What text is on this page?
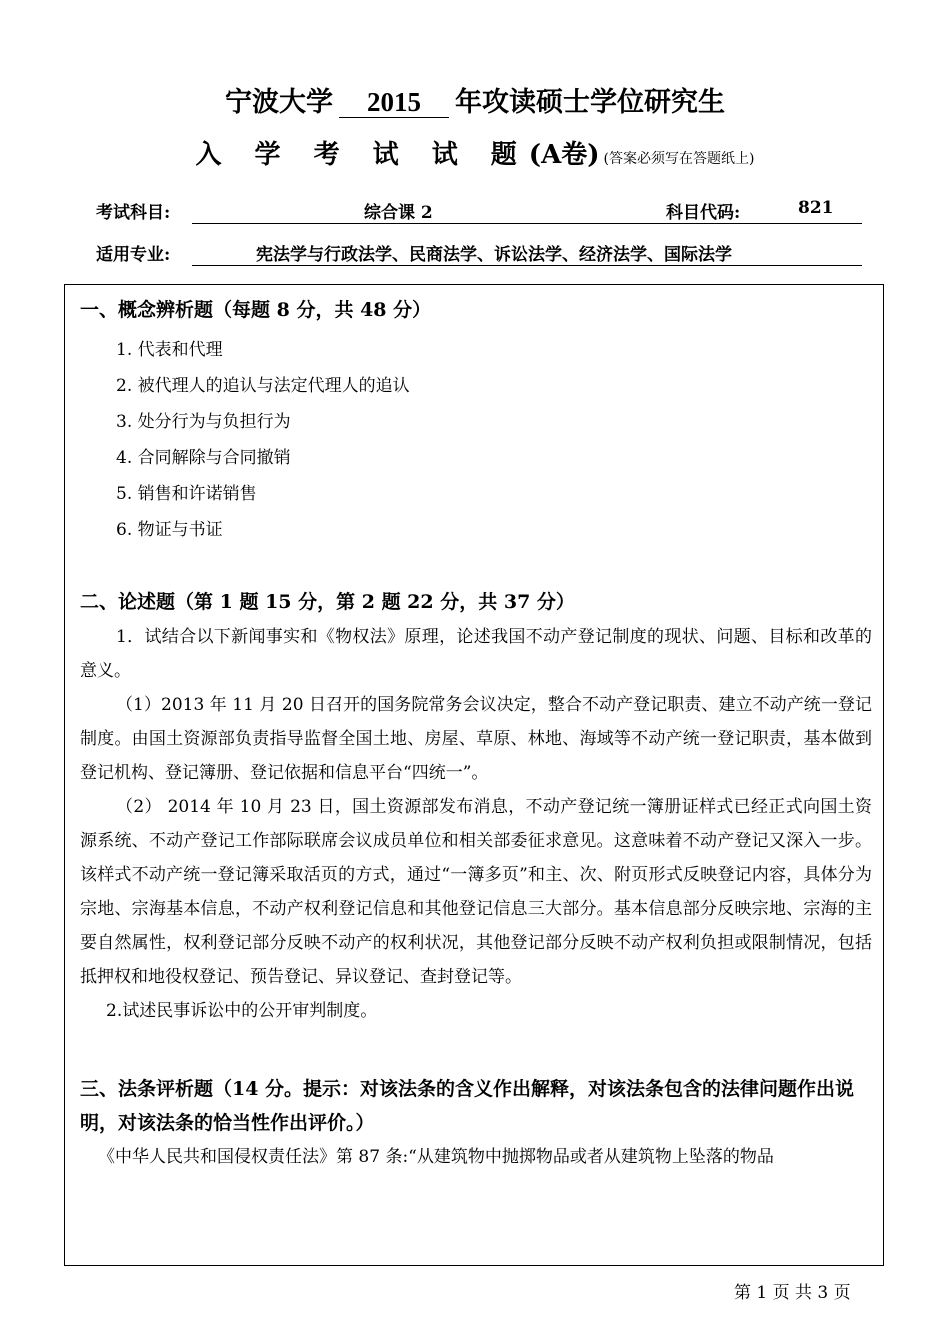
宁波大学 2015 年攻读硕士学位研究生
入 学 考 试 试 题(A卷) (答案必须写在答题纸上)
考试科目:	综合课 2	科目代码:	821
适用专业:	宪法学与行政法学、民商法学、诉讼法学、经济法学、国际法学

一、概念辨析题（每题 8 分，共 48 分）

1. 代表和代理
2. 被代理人的追认与法定代理人的追认
3. 处分行为与负担行为
4. 合同解除与合同撤销
5. 销售和许诺销售
6. 物证与书证

二、论述题（第 1 题 15 分，第 2 题 22 分，共 37 分）

1．试结合以下新闻事实和《物权法》原理，论述我国不动产登记制度的现状、问题、目标和改革的意义。

（1）2013 年 11 月 20 日召开的国务院常务会议决定，整合不动产登记职责、建立不动产统一登记制度。由国土资源部负责指导监督全国土地、房屋、草原、林地、海域等不动产统一登记职责，基本做到登记机构、登记簿册、登记依据和信息平台“四统一”。

（2） 2014 年 10 月 23 日，国土资源部发布消息，不动产登记统一簿册证样式已经正式向国土资源系统、不动产登记工作部际联席会议成员单位和相关部委征求意见。这意味着不动产登记又深入一步。该样式不动产统一登记簿采取活页的方式，通过“一簿多页”和主、次、附页形式反映登记内容，具体分为宗地、宗海基本信息，不动产权利登记信息和其他登记信息三大部分。基本信息部分反映宗地、宗海的主要自然属性，权利登记部分反映不动产的权利状况，其他登记部分反映不动产权利负担或限制情况，包括抵押权和地役权登记、预告登记、异议登记、查封登记等。

2.试述民事诉讼中的公开审判制度。

三、法条评析题（14 分。提示：对该法条的含义作出解释，对该法条包含的法律问题作出说明，对该法条的恰当性作出评价。）

《中华人民共和国侵权责任法》第 87 条:“从建筑物中抛掷物品或者从建筑物上坠落的物品

第 1 页 共 3 页
